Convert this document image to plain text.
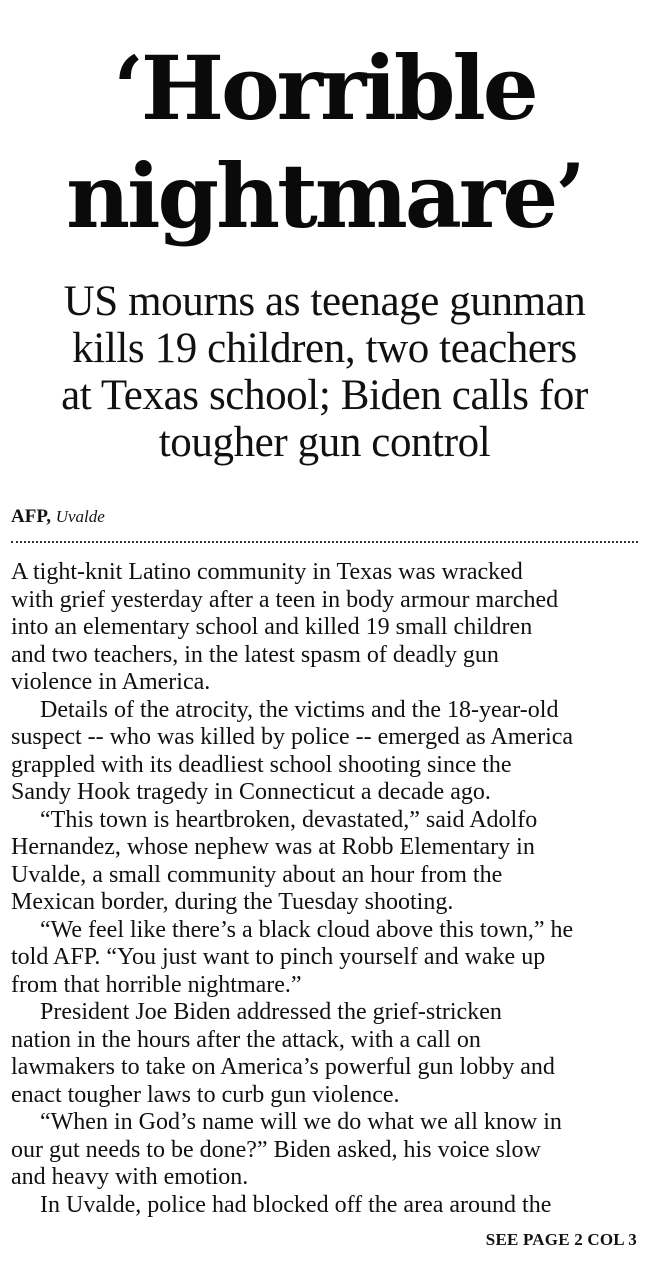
‘Horrible
nightmare’
US mourns as teenage gunman
kills 19 children, two teachers
at Texas school; Biden calls for
tougher gun control
AFP, Uvalde

A tight-knit Latino community in Texas was wracked
with grief yesterday after a teen in body armour marched
into an elementary school and killed 19 small children
and two teachers, in the latest spasm of deadly gun
violence in America.

Details of the atrocity, the victims and the 18-year-old
suspect -- who was killed by police -- emerged as America
grappled with its deadliest school shooting since the
Sandy Hook tragedy in Connecticut a decade ago.

“This town is heartbroken, devastated,” said Adolfo
Hernandez, whose nephew was at Robb Elementary in
Uvalde, a small community about an hour from the
Mexican border, during the Tuesday shooting.

“We feel like there’s a black cloud above this town,” he
told AFP. “You just want to pinch yourself and wake up
from that horrible nightmare.”

President Joe Biden addressed the grief-stricken
nation in the hours after the attack, with a call on
lawmakers to take on America’s powerful gun lobby and
enact tougher laws to curb gun violence.

“When in God’s name will we do what we all know in
our gut needs to be done?” Biden asked, his voice slow
and heavy with emotion.

In Uvalde, police had blocked off the area around the

SEE PAGE 2 COL 3
